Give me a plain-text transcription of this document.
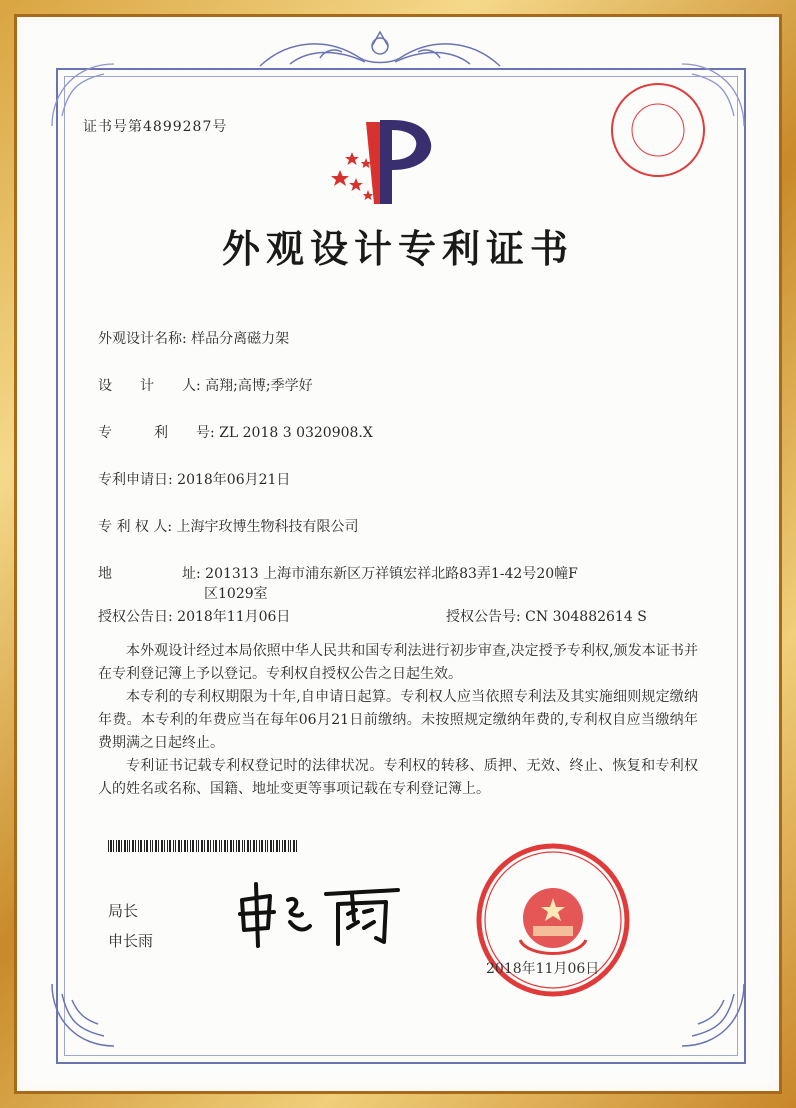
证书号第4899287号
外观设计专利证书
外观设计名称: 样品分离磁力架
设　　计　　人: 高翔;高博;季学好
专　　　利　　号: ZL 2018 3 0320908.X
专利申请日: 2018年06月21日
专 利 权 人: 上海宇玫博生物科技有限公司
地　　　　　址: 201313 上海市浦东新区万祥镇宏祥北路83弄1-42号20幢F
区1029室
授权公告日: 2018年11月06日	授权公告号: CN 304882614 S

本外观设计经过本局依照中华人民共和国专利法进行初步审查,决定授予专利权,颁发本证书并在专利登记簿上予以登记。专利权自授权公告之日起生效。

本专利的专利权期限为十年,自申请日起算。专利权人应当依照专利法及其实施细则规定缴纳年费。本专利的年费应当在每年06月21日前缴纳。未按照规定缴纳年费的,专利权自应当缴纳年费期满之日起终止。

专利证书记载专利权登记时的法律状况。专利权的转移、质押、无效、终止、恢复和专利权人的姓名或名称、国籍、地址变更等事项记载在专利登记簿上。

局长
申长雨
2018年11月06日
